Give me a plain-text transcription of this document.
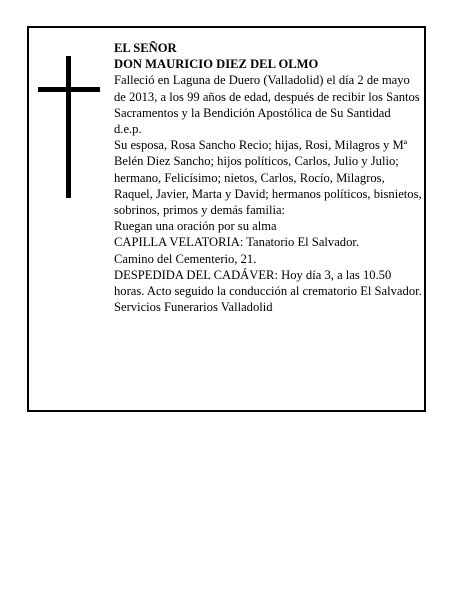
EL SEÑOR
DON MAURICIO DIEZ DEL OLMO
Falleció en Laguna de Duero (Valladolid) el día 2 de mayo de 2013, a los 99 años de edad, después de recibir los Santos Sacramentos y la Bendición Apostólica de Su Santidad
d.e.p.
Su esposa, Rosa Sancho Recio; hijas, Rosi, Milagros y Mª Belén Diez Sancho; hijos políticos, Carlos, Julio y Julio; hermano, Felicísimo; nietos, Carlos, Rocío, Milagros, Raquel, Javier, Marta y David; hermanos políticos, bisnietos, sobrinos, primos y demás familia:
Ruegan una oración por su alma
CAPILLA VELATORIA: Tanatorio El Salvador.
Camino del Cementerio, 21.
DESPEDIDA DEL CADÁVER: Hoy día 3, a las 10.50 horas. Acto seguido la conducción al crematorio El Salvador.
Servicios Funerarios Valladolid
